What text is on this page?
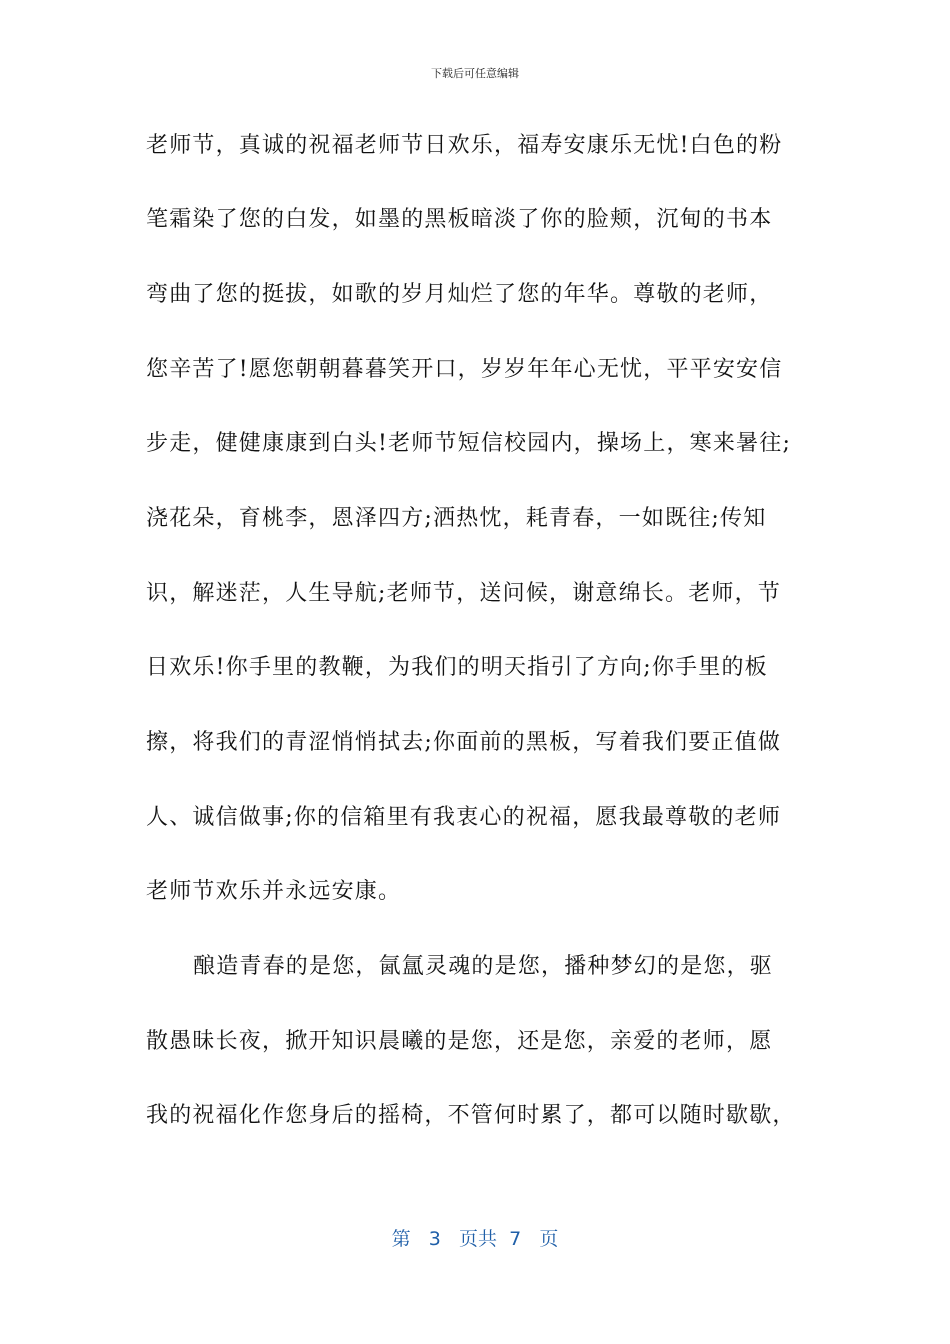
下载后可任意编辑
老师节，真诚的祝福老师节日欢乐，福寿安康乐无忧!白色的粉
笔霜染了您的白发，如墨的黑板暗淡了你的脸颊，沉甸的书本
弯曲了您的挺拔，如歌的岁月灿烂了您的年华。尊敬的老师，
您辛苦了!愿您朝朝暮暮笑开口，岁岁年年心无忧，平平安安信
步走，健健康康到白头!老师节短信校园内，操场上，寒来暑往;
浇花朵，育桃李，恩泽四方;洒热忱，耗青春，一如既往;传知
识，解迷茫，人生导航;老师节，送问候，谢意绵长。老师，节
日欢乐!你手里的教鞭，为我们的明天指引了方向;你手里的板
擦，将我们的青涩悄悄拭去;你面前的黑板，写着我们要正值做
人、诚信做事;你的信箱里有我衷心的祝福，愿我最尊敬的老师
老师节欢乐并永远安康。
酿造青春的是您，氤氲灵魂的是您，播种梦幻的是您，驱
散愚昧长夜，掀开知识晨曦的是您，还是您，亲爱的老师，愿
我的祝福化作您身后的摇椅，不管何时累了，都可以随时歇歇，
第 3 页共 7 页
